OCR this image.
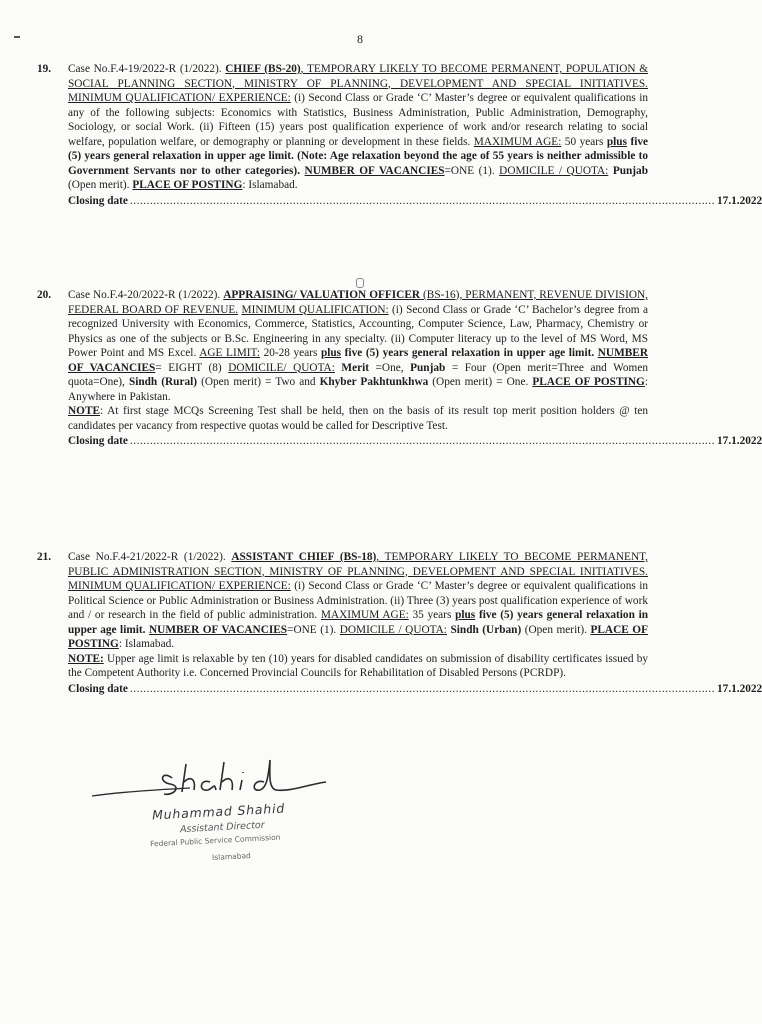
8
19. Case No.F.4-19/2022-R (1/2022). CHIEF (BS-20), TEMPORARY LIKELY TO BECOME PERMANENT, POPULATION & SOCIAL PLANNING SECTION, MINISTRY OF PLANNING, DEVELOPMENT AND SPECIAL INITIATIVES. MINIMUM QUALIFICATION/ EXPERIENCE: (i) Second Class or Grade ‘C’ Master’s degree or equivalent qualifications in any of the following subjects: Economics with Statistics, Business Administration, Public Administration, Demography, Sociology, or social Work. (ii) Fifteen (15) years post qualification experience of work and/or research relating to social welfare, population welfare, or demography or planning or development in these fields. MAXIMUM AGE: 50 years plus five (5) years general relaxation in upper age limit. (Note: Age relaxation beyond the age of 55 years is neither admissible to Government Servants nor to other categories). NUMBER OF VACANCIES=ONE (1). DOMICILE / QUOTA: Punjab (Open merit). PLACE OF POSTING: Islamabad.

Closing date ................................................................................................................................................................................ 17.1.2022
20. Case No.F.4-20/2022-R (1/2022). APPRAISING/ VALUATION OFFICER (BS-16), PERMANENT, REVENUE DIVISION, FEDERAL BOARD OF REVENUE. MINIMUM QUALIFICATION: (i) Second Class or Grade ‘C’ Bachelor’s degree from a recognized University with Economics, Commerce, Statistics, Accounting, Computer Science, Law, Pharmacy, Chemistry or Physics as one of the subjects or B.Sc. Engineering in any specialty. (ii) Computer literacy up to the level of MS Word, MS Power Point and MS Excel. AGE LIMIT: 20-28 years plus five (5) years general relaxation in upper age limit. NUMBER OF VACANCIES= EIGHT (8) DOMICILE/ QUOTA: Merit =One, Punjab = Four (Open merit=Three and Women quota=One), Sindh (Rural) (Open merit) = Two and Khyber Pakhtunkhwa (Open merit) = One. PLACE OF POSTING: Anywhere in Pakistan.

NOTE: At first stage MCQs Screening Test shall be held, then on the basis of its result top merit position holders @ ten candidates per vacancy from respective quotas would be called for Descriptive Test.

Closing date ................................................................................................................................................................................ 17.1.2022
21. Case No.F.4-21/2022-R (1/2022). ASSISTANT CHIEF (BS-18), TEMPORARY LIKELY TO BECOME PERMANENT, PUBLIC ADMINISTRATION SECTION, MINISTRY OF PLANNING, DEVELOPMENT AND SPECIAL INITIATIVES. MINIMUM QUALIFICATION/ EXPERIENCE: (i) Second Class or Grade ‘C’ Master’s degree or equivalent qualifications in Political Science or Public Administration or Business Administration. (ii) Three (3) years post qualification experience of work and / or research in the field of public administration. MAXIMUM AGE: 35 years plus five (5) years general relaxation in upper age limit. NUMBER OF VACANCIES=ONE (1). DOMICILE / QUOTA: Sindh (Urban) (Open merit). PLACE OF POSTING: Islamabad.

NOTE: Upper age limit is relaxable by ten (10) years for disabled candidates on submission of disability certificates issued by the Competent Authority i.e. Concerned Provincial Councils for Rehabilitation of Disabled Persons (PCRDP).

Closing date ................................................................................................................................................................................ 17.1.2022
Muhammad Shahid
Assistant Director
Federal Public Service Commission
Islamabad
